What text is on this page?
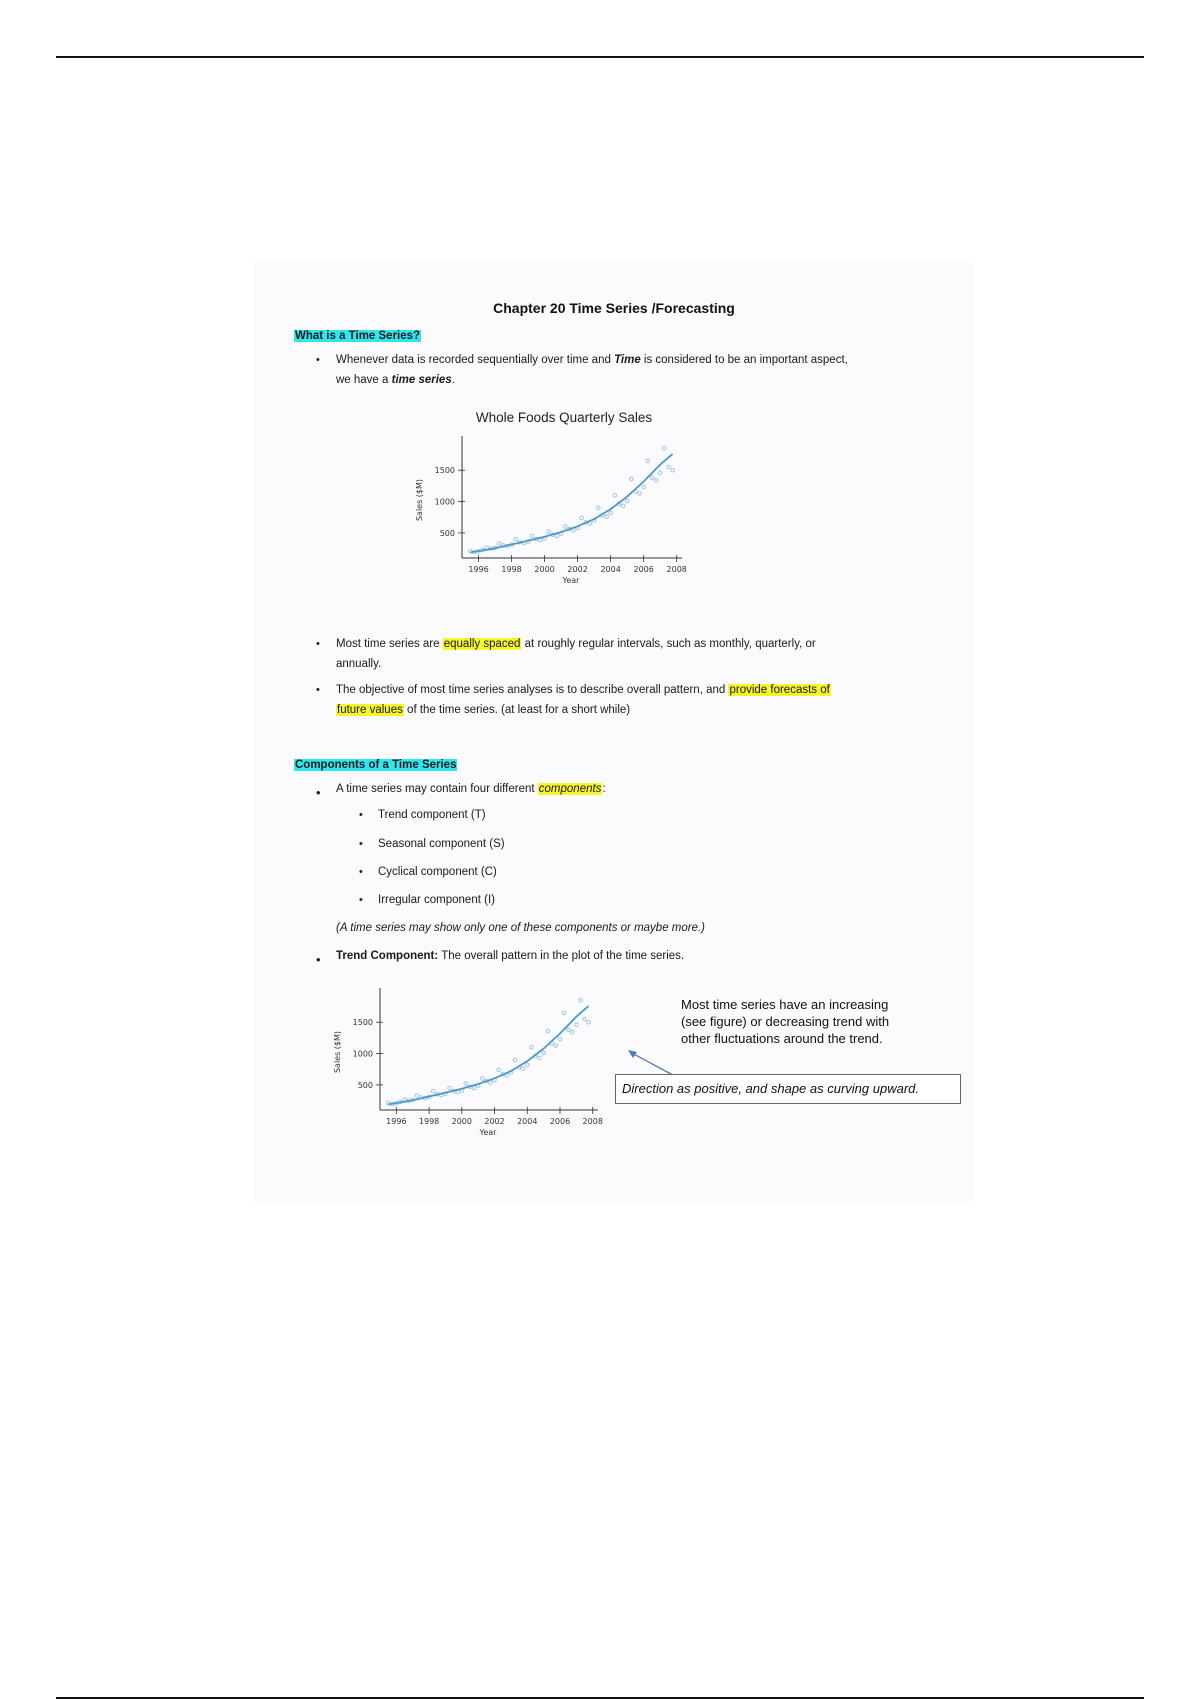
Chapter 20 Time Series /Forecasting
What is a Time Series?
• Whenever data is recorded sequentially over time and Time is considered to be an important aspect,
we have a time series.
Whole Foods Quarterly Sales
500
1000
1500
1996 1998 2000 2002 2004 2006 2008
Year
Sales ($M)
• Most time series are equally spaced at roughly regular intervals, such as monthly, quarterly, or
annually.
• The objective of most time series analyses is to describe overall pattern, and provide forecasts of
future values of the time series. (at least for a short while)
Components of a Time Series
• A time series may contain four different components:
• Trend component (T)
• Seasonal component (S)
• Cyclical component (C)
• Irregular component (I)
(A time series may show only one of these components or maybe more.)
• Trend Component: The overall pattern in the plot of the time series.
500
1000
1500
1996 1998 2000 2002 2004 2006 2008
Year
Sales ($M)
Most time series have an increasing
(see figure) or decreasing trend with
other fluctuations around the trend.
Direction as positive, and shape as curving upward.
